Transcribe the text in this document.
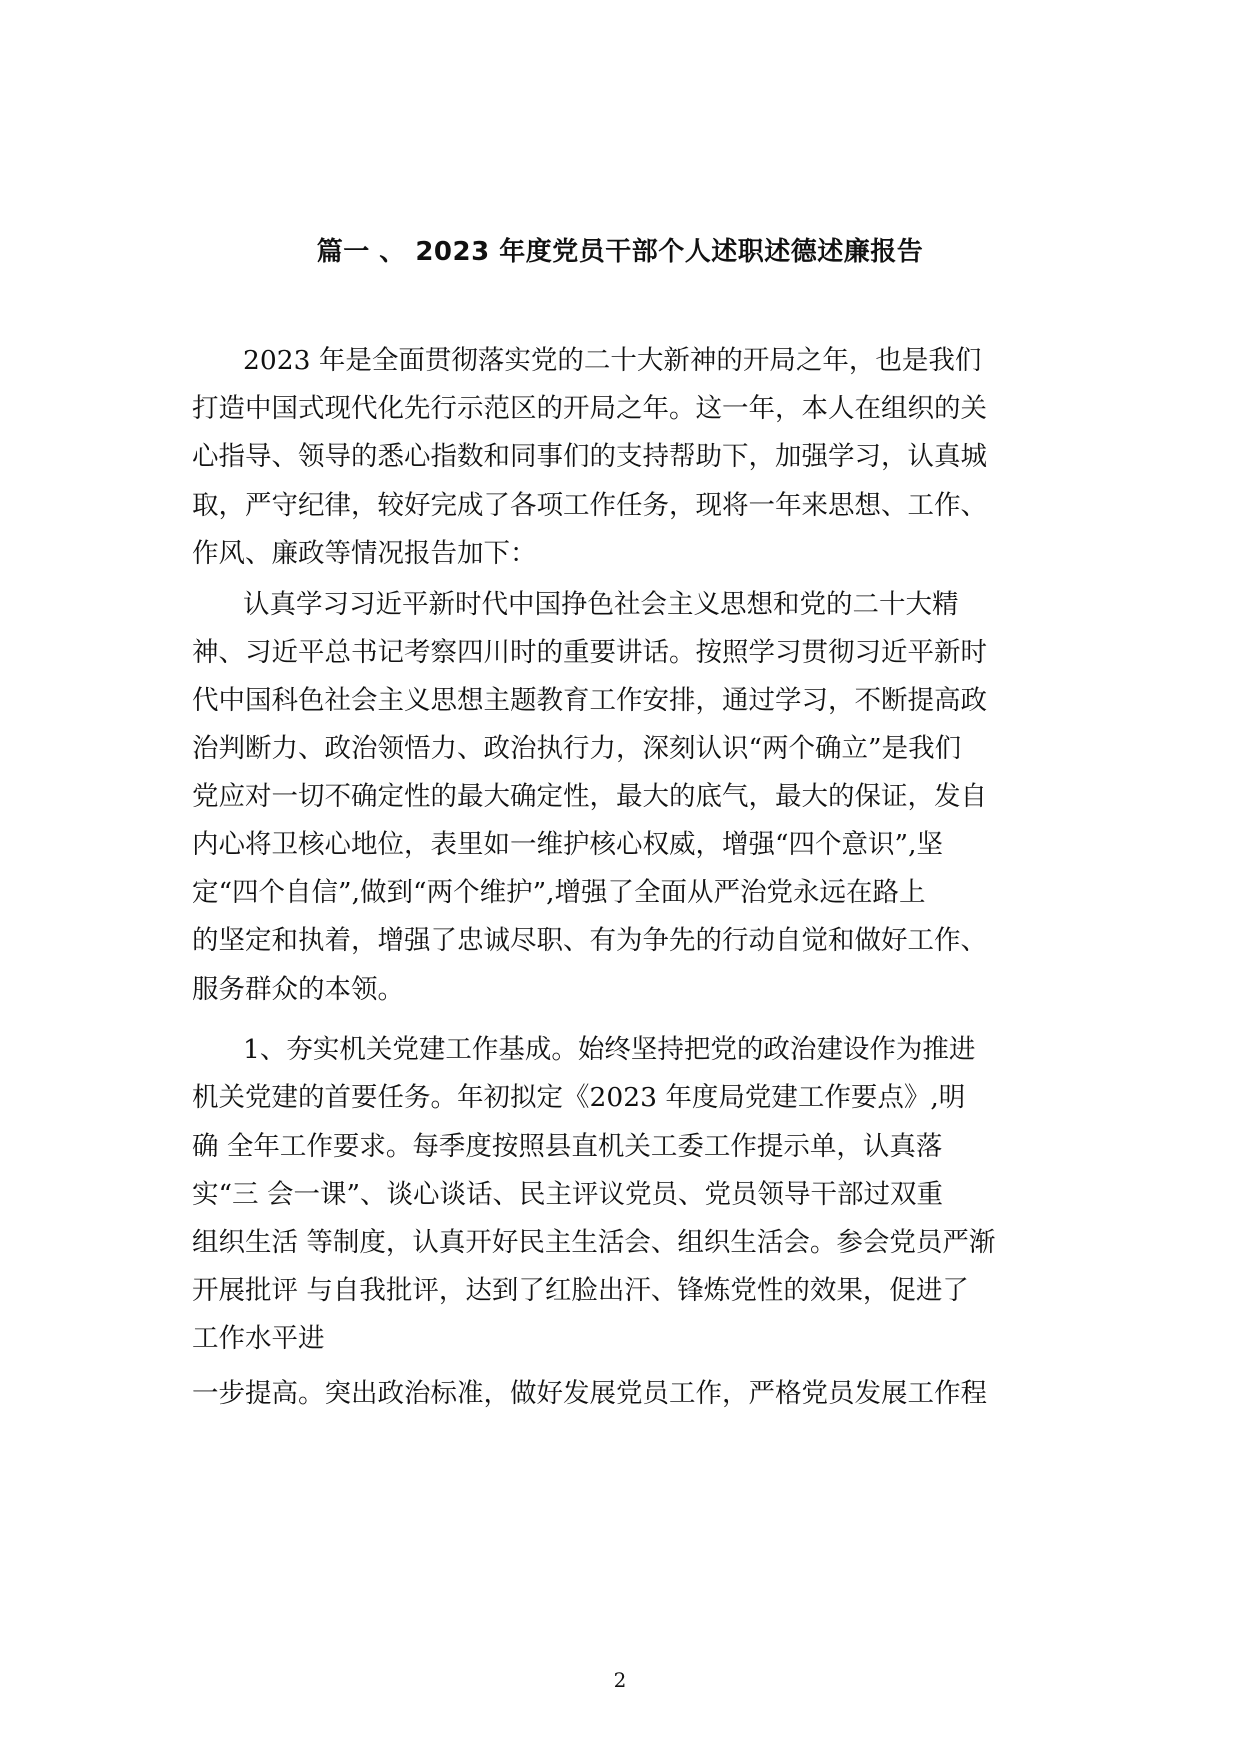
篇一 、 2023 年度党员干部个人述职述德述廉报告

2023 年是全面贯彻落实党的二十大新神的开局之年，也是我们

打造中国式现代化先行示范区的开局之年。这一年，本人在组织的关

心指导、领导的悉心指数和同事们的支持帮助下，加强学习，认真城

取，严守纪律，较好完成了各项工作任务，现将一年来思想、工作、

作风、廉政等情况报告加下：

认真学习习近平新时代中国挣色社会主义思想和党的二十大精

神、习近平总书记考察四川时的重要讲话。按照学习贯彻习近平新时

代中国科色社会主义思想主题教育工作安排，通过学习，不断提高政

治判断力、政治领悟力、政治执行力，深刻认识“两个确立”是我们

党应对一切不确定性的最大确定性，最大的底气，最大的保证，发自

内心将卫核心地位，表里如一维护核心权威，增强“四个意识”,坚

定“四个自信”,做到“两个维护”,增强了全面从严治党永远在路上

的坚定和执着，增强了忠诚尽职、有为争先的行动自觉和做好工作、

服务群众的本领。

1、夯实机关党建工作基成。始终坚持把党的政治建设作为推进

机关党建的首要任务。年初拟定《2023 年度局党建工作要点》,明

确 全年工作要求。每季度按照县直机关工委工作提示单，认真落

实“三 会一课”、谈心谈话、民主评议党员、党员领导干部过双重

组织生活 等制度，认真开好民主生活会、组织生活会。参会党员严渐

开展批评 与自我批评，达到了红脸出汗、锋炼党性的效果，促进了

工作水平进

一步提高。突出政治标准，做好发展党员工作，严格党员发展工作程

2
